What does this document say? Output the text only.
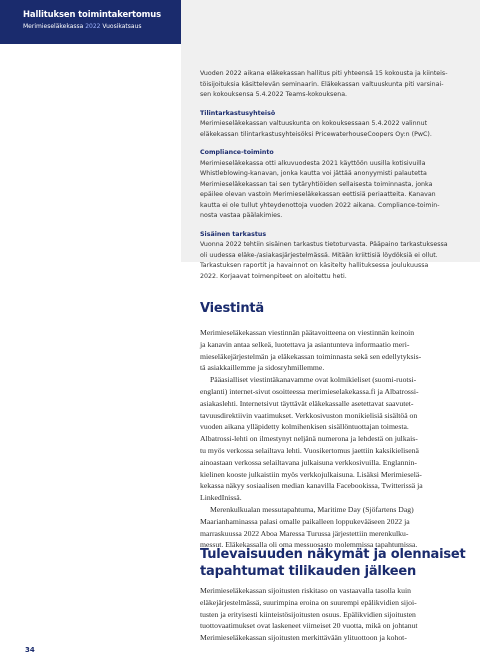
Hallituksen toimintakertomus

Merimieseläkekassa 2022 Vuosikatsaus

Vuoden 2022 aikana eläkekassan hallitus piti yhteensä 15 kokousta ja kiinteis-
töisijoituksia käsittelevän seminaarin. Eläkekassan valtuuskunta piti varsinai-
sen kokouksensa 5.4.2022 Teams-kokouksena.
Tilintarkastusyhteisö
Merimieseläkekassan valtuuskunta on kokouksessaan 5.4.2022 valinnut
eläkekassan tilintarkastusyhteisöksi PricewaterhouseCoopers Oy:n (PwC).
Compliance-toiminto
Merimieseläkekassa otti alkuvuodesta 2021 käyttöön uusilla kotisivuilla
Whistleblowing-kanavan, jonka kautta voi jättää anonyymisti palautetta
Merimieseläkekassan tai sen tytäryhtiöiden sellaisesta toiminnasta, jonka
epäilee olevan vastoin Merimieseläkekassan eettisiä periaatteita. Kanavan
kautta ei ole tullut yhteydenottoja vuoden 2022 aikana. Compliance-toimin-
nosta vastaa päälakimies.
Sisäinen tarkastus
Vuonna 2022 tehtiin sisäinen tarkastus tietoturvasta. Pääpaino tarkastuksessa
oli uudessa eläke-/asiakasjärjestelmässä. Mitään kriittisiä löydöksiä ei ollut.
Tarkastuksen raportit ja havainnot on käsitelty hallituksessa joulukuussa
2022. Korjaavat toimenpiteet on aloitettu heti.
Viestintä
Merimieseläkekassan viestinnän päätavoitteena on viestinnän keinoin
ja kanavin antaa selkeä, luotettava ja asiantunteva informaatio meri-
mieseläkejärjestelmän ja eläkekassan toiminnasta sekä sen edellytyksis-
tä asiakkaillemme ja sidosryhmillemme.
Pääasialliset viestintäkanavamme ovat kolmikieliset (suomi-ruotsi-
englanti) internet-sivut osoitteessa merimieselakekassa.fi ja Albatrossi-
asiakaslehti. Internetsivut täyttävät eläkekassalle asetettavat saavutet-
tavuusdirektiivin vaatimukset. Verkkosivuston monikielisiä sisältöä on
vuoden aikana ylläpidetty kolmihenkisen sisällöntuottajan toimesta.
Albatrossi-lehti on ilmestynyt neljänä numerona ja lehdestä on julkais-
tu myös verkossa selailtava lehti. Vuosikertomus jaettiin kaksikielisenä
ainoastaan verkossa selailtavana julkaisuna verkkosivuilla. Englannin-
kielinen kooste julkaistiin myös verkkojulkaisuna. Lisäksi Merimieselä-
kekassa näkyy sosiaalisen median kanavilla Facebookissa, Twitterissä ja
LinkedInissä.
Merenkulkualan messutapahtuma, Maritime Day (Sjöfartens Dag)
Maarianhaminassa palasi omalle paikalleen loppukevääseen 2022 ja
marraskuussa 2022 Aboa Maressa Turussa järjestettiin merenkulku-
messut. Eläkekassalla oli oma messuosasto molemmissa tapahtumissa.
Tulevaisuuden näkymät ja olennaiset
tapahtumat tilikauden jälkeen
Merimieseläkekassan sijoitusten riskitaso on vastaavalla tasolla kuin
eläkejärjestelmässä, suurimpina eroina on suurempi epälikvidien sijoi-
tusten ja erityisesti kiinteistösijoitusten osuus. Epälikvidien sijoitusten
tuottovaatimukset ovat laskeneet viimeiset 20 vuotta, mikä on johtanut
Merimieseläkekassan sijoitusten merkittävään ylituottoon ja kohot-

34
